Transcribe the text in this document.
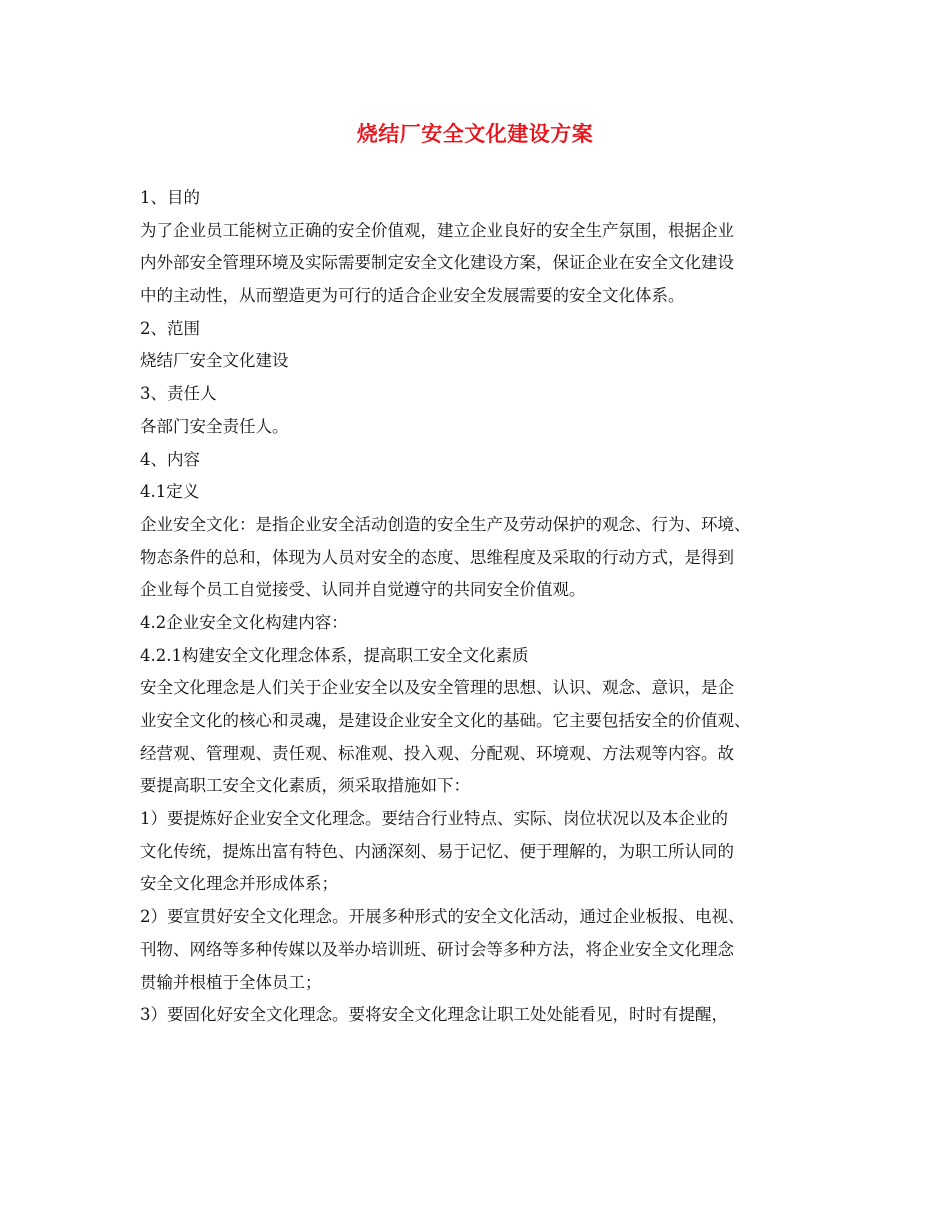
烧结厂安全文化建设方案
1、目的
为了企业员工能树立正确的安全价值观，建立企业良好的安全生产氛围，根据企业
内外部安全管理环境及实际需要制定安全文化建设方案，保证企业在安全文化建设
中的主动性，从而塑造更为可行的适合企业安全发展需要的安全文化体系。
2、范围
烧结厂安全文化建设
3、责任人
各部门安全责任人。
4、内容
4.1定义
企业安全文化：是指企业安全活动创造的安全生产及劳动保护的观念、行为、环境、
物态条件的总和，体现为人员对安全的态度、思维程度及采取的行动方式，是得到
企业每个员工自觉接受、认同并自觉遵守的共同安全价值观。
4.2企业安全文化构建内容：
4.2.1构建安全文化理念体系，提高职工安全文化素质
安全文化理念是人们关于企业安全以及安全管理的思想、认识、观念、意识，是企
业安全文化的核心和灵魂，是建设企业安全文化的基础。它主要包括安全的价值观、
经营观、管理观、责任观、标准观、投入观、分配观、环境观、方法观等内容。故
要提高职工安全文化素质，须采取措施如下：
1）要提炼好企业安全文化理念。要结合行业特点、实际、岗位状况以及本企业的
文化传统，提炼出富有特色、内涵深刻、易于记忆、便于理解的，为职工所认同的
安全文化理念并形成体系；
2）要宣贯好安全文化理念。开展多种形式的安全文化活动，通过企业板报、电视、
刊物、网络等多种传媒以及举办培训班、研讨会等多种方法，将企业安全文化理念
贯输并根植于全体员工；
3）要固化好安全文化理念。要将安全文化理念让职工处处能看见，时时有提醒，
